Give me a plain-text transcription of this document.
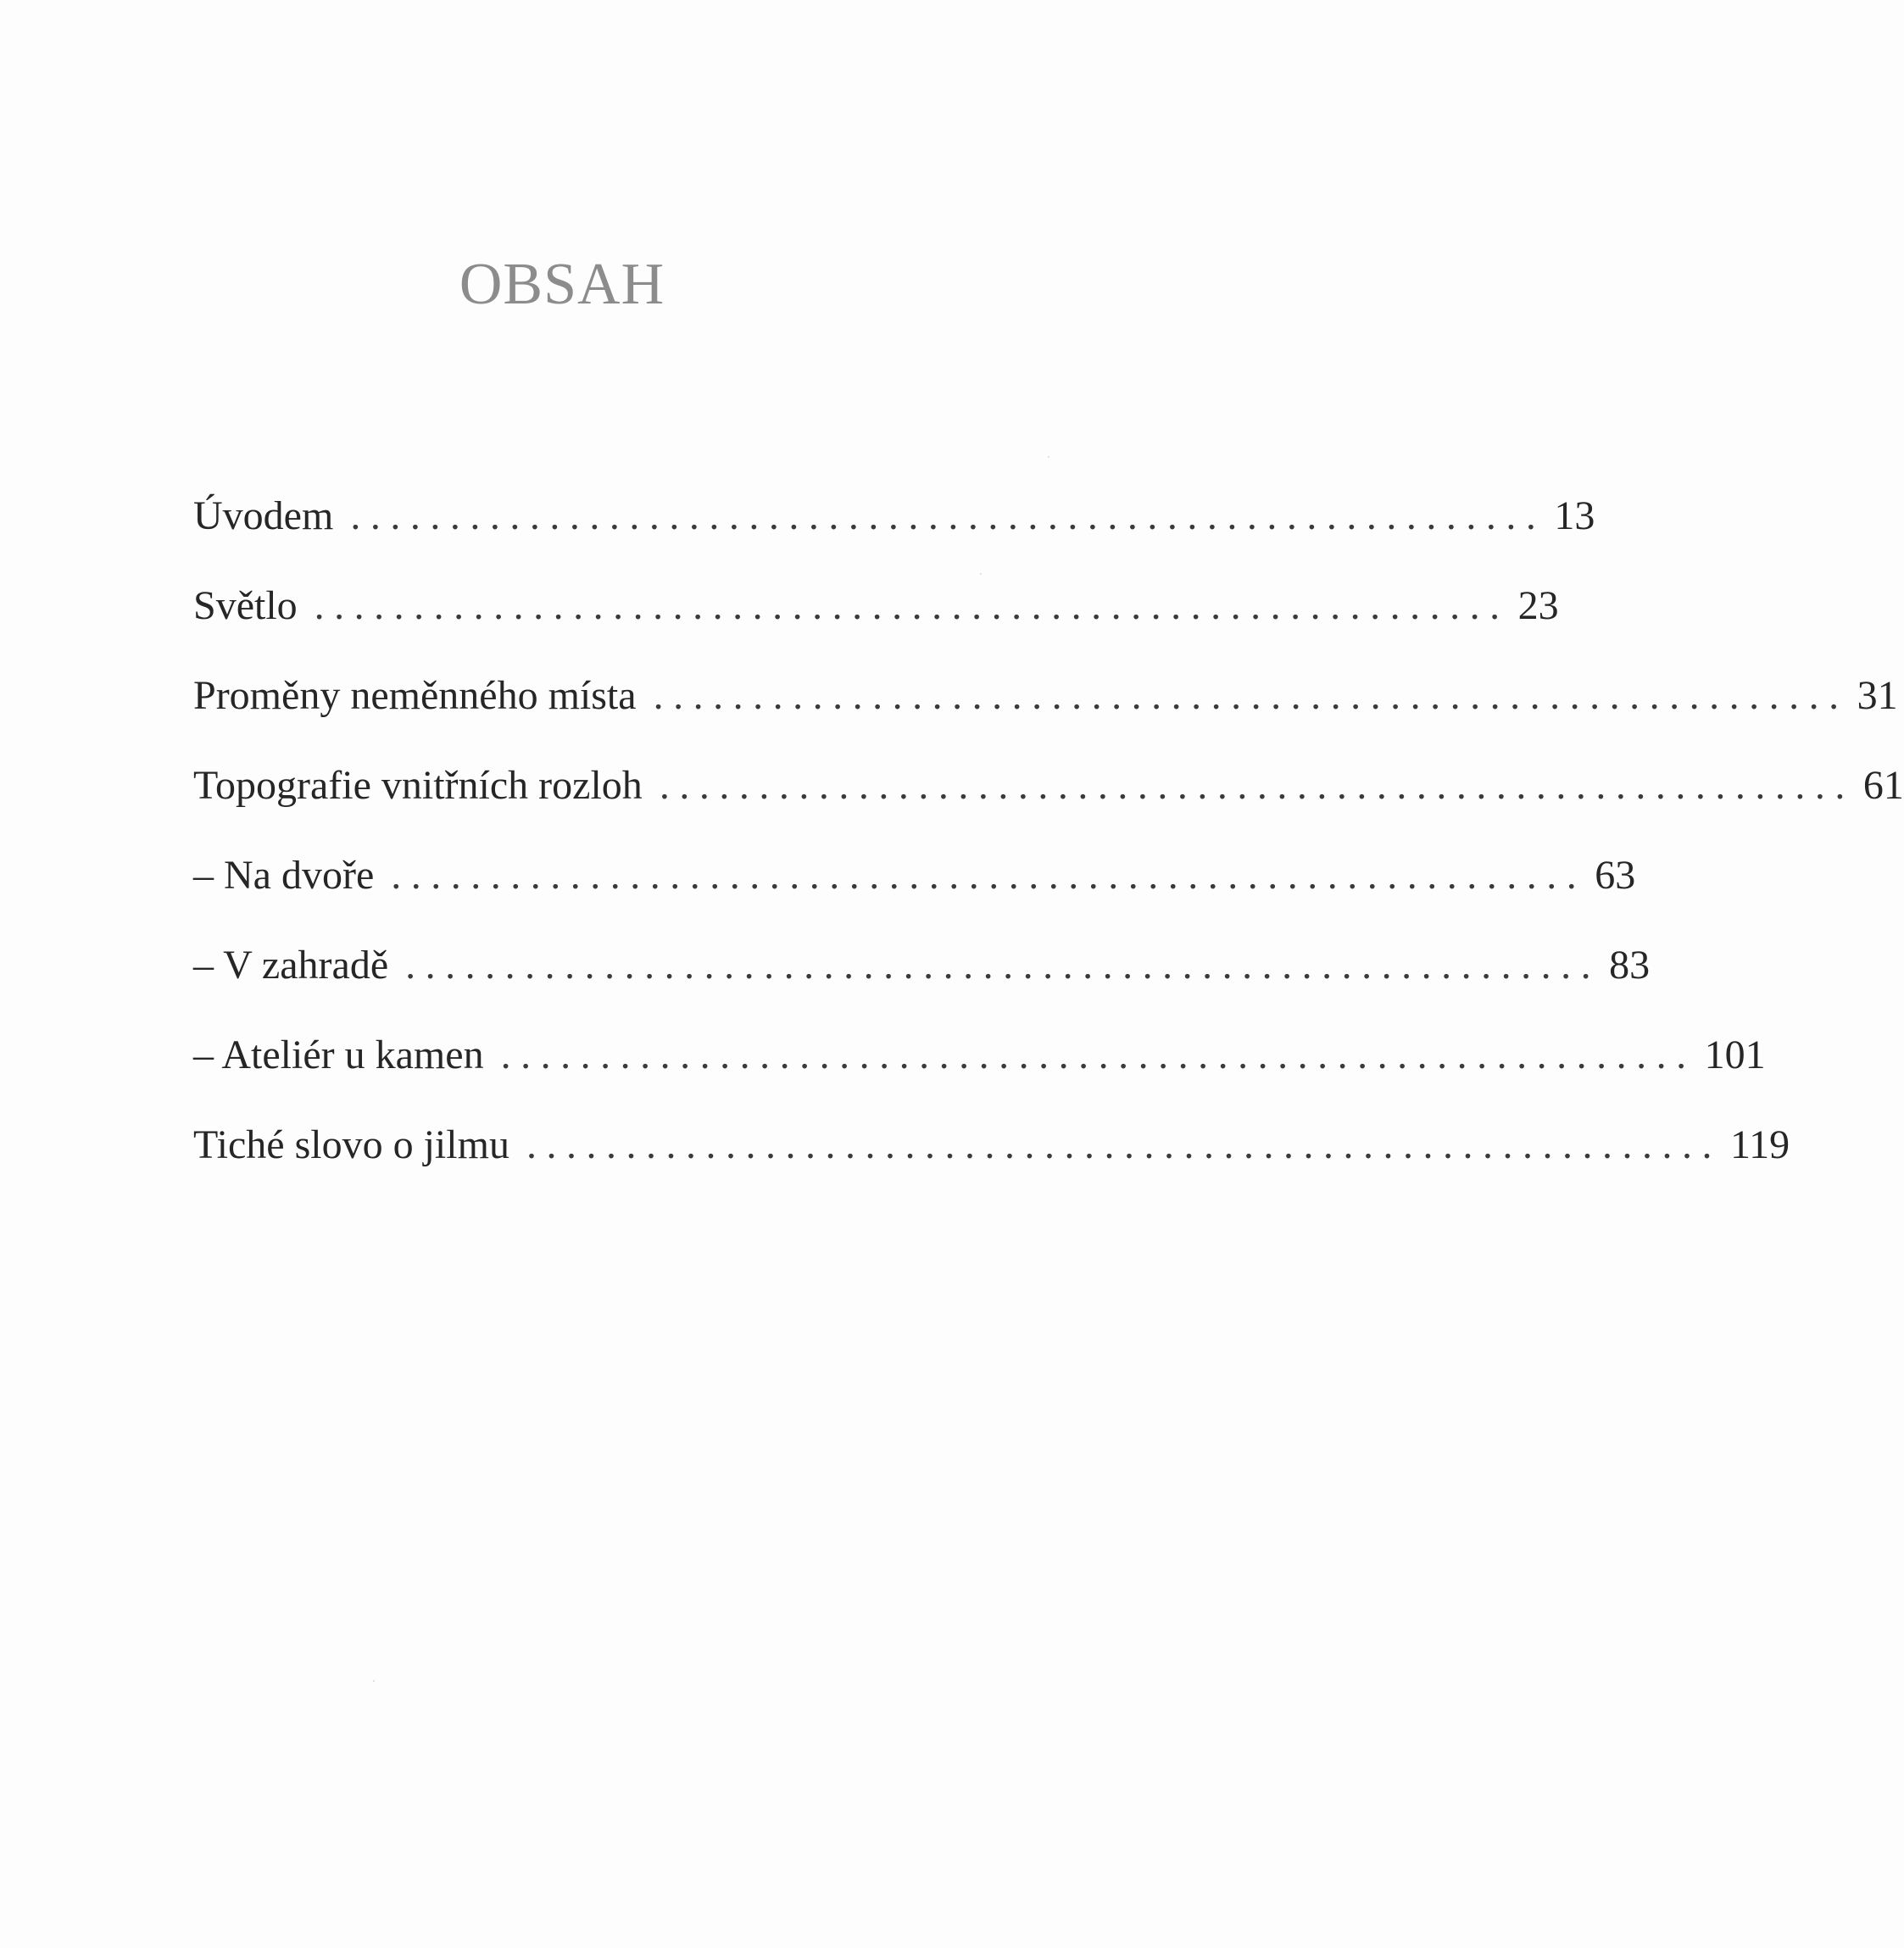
OBSAH
Úvodem ............................................................ 13
Světlo ............................................................ 23
Proměny neměnného místa ............................................................ 31
Topografie vnitřních rozloh ............................................................ 61
– Na dvoře ............................................................ 63
– V zahradě ............................................................ 83
– Ateliér u kamen ............................................................ 101
Tiché slovo o jilmu ............................................................ 119
